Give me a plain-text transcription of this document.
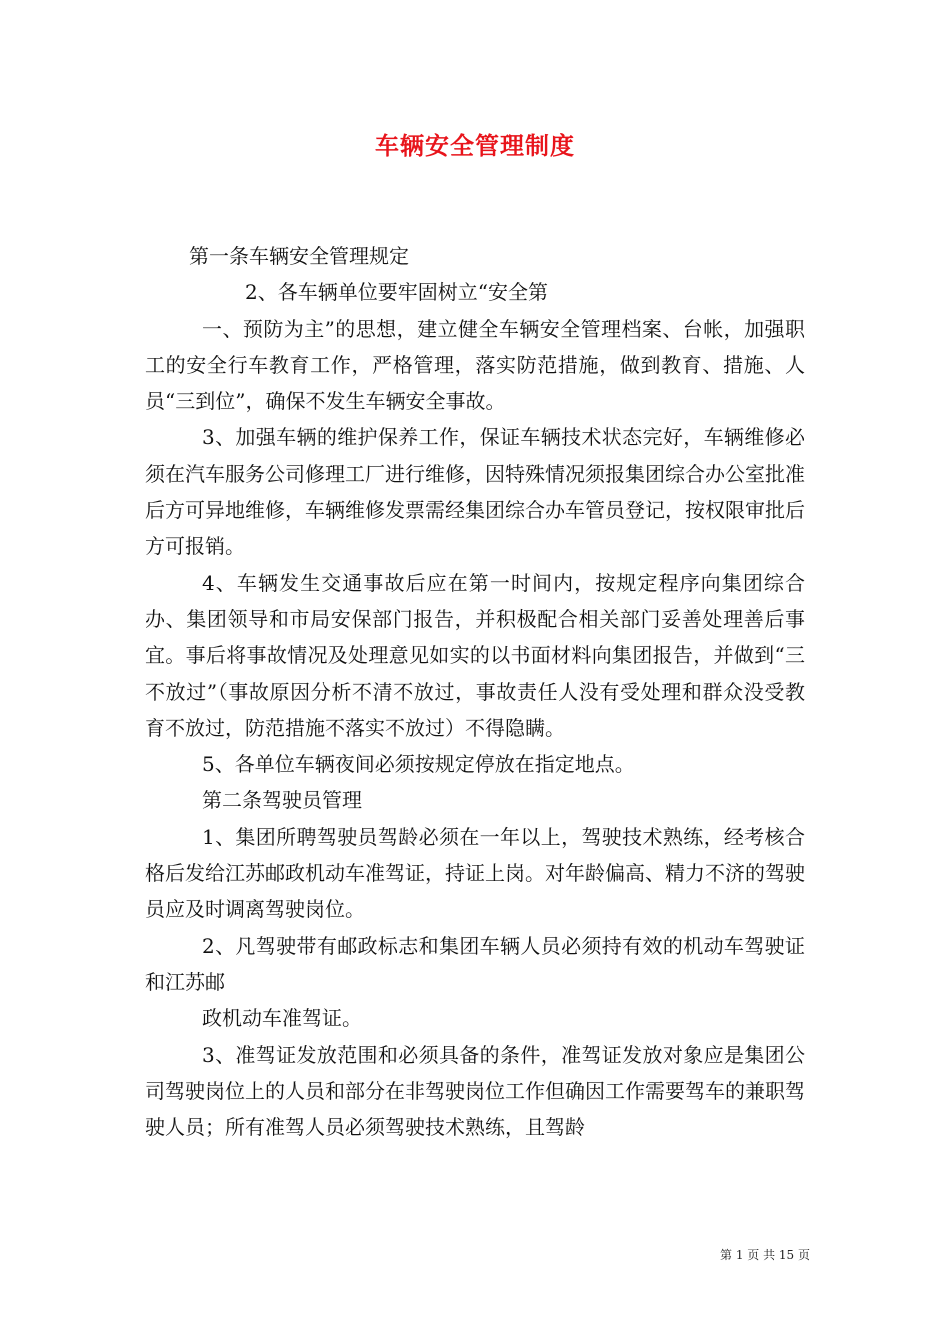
车辆安全管理制度

第一条车辆安全管理规定

2、各车辆单位要牢固树立“安全第

一、预防为主”的思想，建立健全车辆安全管理档案、台帐，加强职工的安全行车教育工作，严格管理，落实防范措施，做到教育、措施、人员“三到位”，确保不发生车辆安全事故。

3、加强车辆的维护保养工作，保证车辆技术状态完好，车辆维修必须在汽车服务公司修理工厂进行维修，因特殊情况须报集团综合办公室批准后方可异地维修，车辆维修发票需经集团综合办车管员登记，按权限审批后方可报销。

4、车辆发生交通事故后应在第一时间内，按规定程序向集团综合办、集团领导和市局安保部门报告，并积极配合相关部门妥善处理善后事宜。事后将事故情况及处理意见如实的以书面材料向集团报告，并做到“三不放过”（事故原因分析不清不放过，事故责任人没有受处理和群众没受教育不放过，防范措施不落实不放过）不得隐瞒。

5、各单位车辆夜间必须按规定停放在指定地点。

第二条驾驶员管理

1、集团所聘驾驶员驾龄必须在一年以上，驾驶技术熟练，经考核合格后发给江苏邮政机动车准驾证，持证上岗。对年龄偏高、精力不济的驾驶员应及时调离驾驶岗位。

2、凡驾驶带有邮政标志和集团车辆人员必须持有效的机动车驾驶证和江苏邮

政机动车准驾证。

3、准驾证发放范围和必须具备的条件，准驾证发放对象应是集团公司驾驶岗位上的人员和部分在非驾驶岗位工作但确因工作需要驾车的兼职驾驶人员；所有准驾人员必须驾驶技术熟练，且驾龄

第 1 页 共 15 页
